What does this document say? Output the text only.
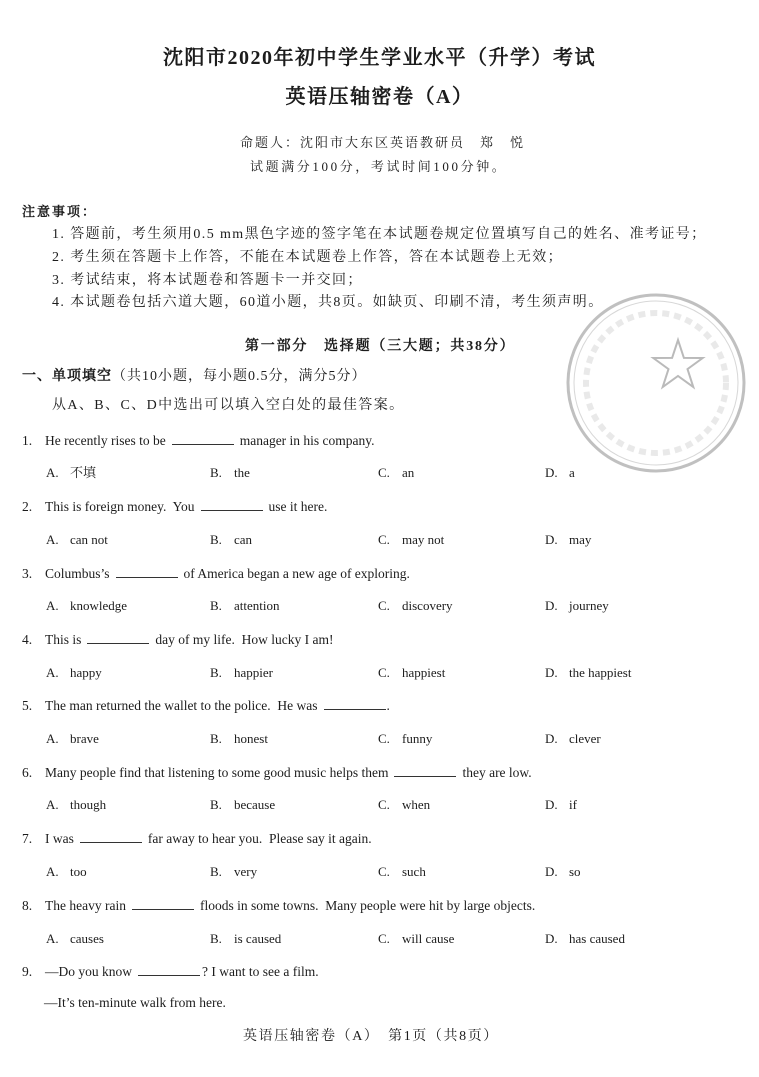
沈阳市2020年初中学生学业水平（升学）考试
英语压轴密卷（A）
命题人：沈阳市大东区英语教研员　郑　悦
试题满分100分，考试时间100分钟。
注意事项：
1. 答题前，考生须用0.5 mm黑色字迹的签字笔在本试题卷规定位置填写自己的姓名、准考证号；
2. 考生须在答题卡上作答，不能在本试题卷上作答，答在本试题卷上无效；
3. 考试结束，将本试题卷和答题卡一并交回；
4. 本试题卷包括六道大题，60道小题，共8页。如缺页、印刷不清，考生须声明。
第一部分　选择题（三大题；共38分）
一、单项填空（共10小题，每小题0.5分，满分5分）
从A、B、C、D中选出可以填入空白处的最佳答案。
1. He recently rises to be	manager in his company.
A. 不填	B. the	C. an	D. a
2. This is foreign money.  You	use it here.
A. can not	B. can	C. may not	D. may
3. Columbus’s	of America began a new age of exploring.
A. knowledge	B. attention	C. discovery	D. journey
4. This is	day of my life.  How lucky I am!
A. happy	B. happier	C. happiest	D. the happiest
5. The man returned the wallet to the police.  He was	.
A. brave	B. honest	C. funny	D. clever
6. Many people find that listening to some good music helps them	they are low.
A. though	B. because	C. when	D. if
7. I was	far away to hear you.  Please say it again.
A. too	B. very	C. such	D. so
8. The heavy rain	floods in some towns.  Many people were hit by large objects.
A. causes	B. is caused	C. will cause	D. has caused
9. —Do you know	? I want to see a film.
—It’s ten-minute walk from here.
英语压轴密卷（A）　第1页（共8页）
